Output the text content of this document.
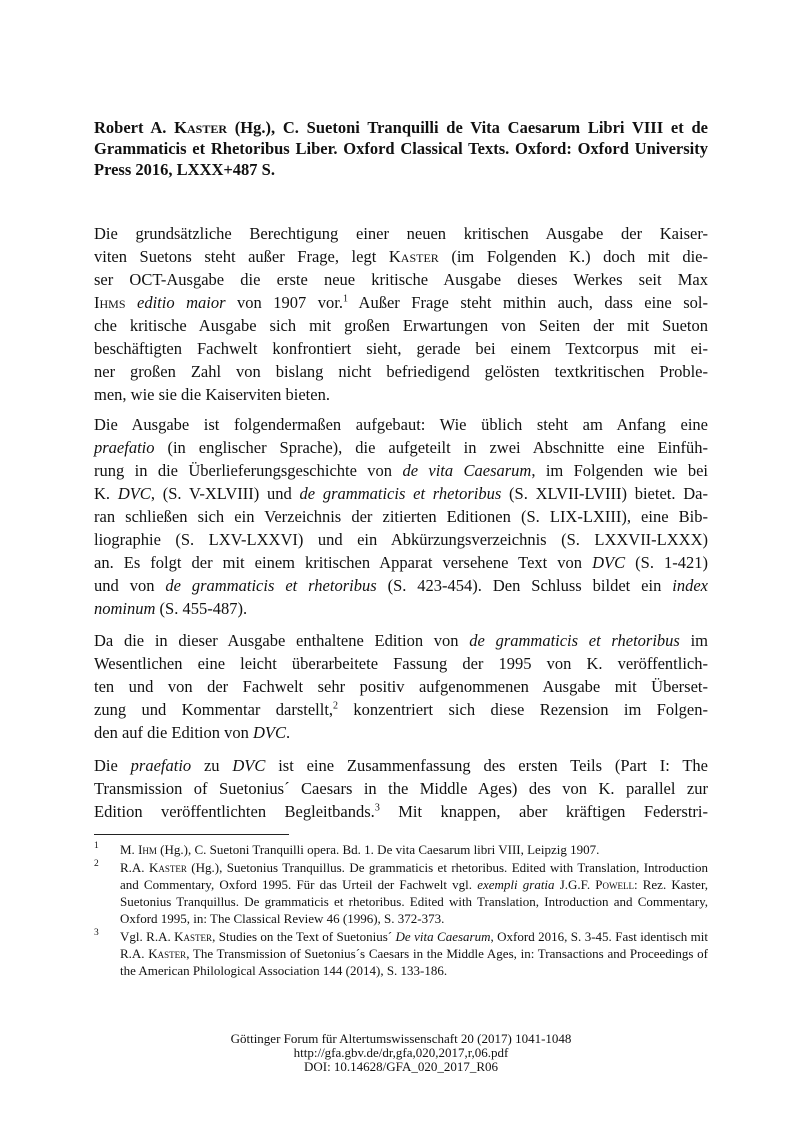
Robert A. Kaster (Hg.), C. Suetoni Tranquilli de Vita Caesarum Libri VIII et de Grammaticis et Rhetoribus Liber. Oxford Classical Texts. Oxford: Oxford University Press 2016, LXXX+487 S.
Die grundsätzliche Berechtigung einer neuen kritischen Ausgabe der Kaiser-
viten Suetons steht außer Frage, legt Kaster (im Folgenden K.) doch mit die-
ser OCT-Ausgabe die erste neue kritische Ausgabe dieses Werkes seit Max
Ihms editio maior von 1907 vor.$^1$ Außer Frage steht mithin auch, dass eine sol-
che kritische Ausgabe sich mit großen Erwartungen von Seiten der mit Sueton
beschäftigten Fachwelt konfrontiert sieht, gerade bei einem Textcorpus mit ei-
ner großen Zahl von bislang nicht befriedigend gelösten textkritischen Proble-
men, wie sie die Kaiserviten bieten.
Die Ausgabe ist folgendermaßen aufgebaut: Wie üblich steht am Anfang eine
praefatio (in englischer Sprache), die aufgeteilt in zwei Abschnitte eine Einfüh-
rung in die Überlieferungsgeschichte von de vita Caesarum, im Folgenden wie bei
K. DVC, (S. V-XLVIII) und de grammaticis et rhetoribus (S. XLVII-LVIII) bietet. Da-
ran schließen sich ein Verzeichnis der zitierten Editionen (S. LIX-LXIII), eine Bib-
liographie (S. LXV-LXXVI) und ein Abkürzungsverzeichnis (S. LXXVII-LXXX)
an. Es folgt der mit einem kritischen Apparat versehene Text von DVC (S. 1-421)
und von de grammaticis et rhetoribus (S. 423-454). Den Schluss bildet ein index
nominum (S. 455-487).
Da die in dieser Ausgabe enthaltene Edition von de grammaticis et rhetoribus im
Wesentlichen eine leicht überarbeitete Fassung der 1995 von K. veröffentlich-
ten und von der Fachwelt sehr positiv aufgenommenen Ausgabe mit Überset-
zung und Kommentar darstellt,$^2$ konzentriert sich diese Rezension im Folgen-
den auf die Edition von DVC.
Die praefatio zu DVC ist eine Zusammenfassung des ersten Teils (Part I: The
Transmission of Suetonius´ Caesars in the Middle Ages) des von K. parallel zur
Edition veröffentlichten Begleitbands.$^3$ Mit knappen, aber kräftigen Federstri-
1 M. Ihm (Hg.), C. Suetoni Tranquilli opera. Bd. 1. De vita Caesarum libri VIII, Leipzig 1907.
2 R.A. Kaster (Hg.), Suetonius Tranquillus. De grammaticis et rhetoribus. Edited with Translation, Introduction and Commentary, Oxford 1995. Für das Urteil der Fachwelt vgl. exempli gratia J.G.F. Powell: Rez. Kaster, Suetonius Tranquillus. De grammaticis et rhetoribus. Edited with Translation, Introduction and Commentary, Oxford 1995, in: The Classical Review 46 (1996), S. 372-373.
3 Vgl. R.A. Kaster, Studies on the Text of Suetonius´ De vita Caesarum, Oxford 2016, S. 3-45. Fast identisch mit R.A. Kaster, The Transmission of Suetonius´s Caesars in the Middle Ages, in: Transactions and Proceedings of the American Philological Association 144 (2014), S. 133-186.
Göttinger Forum für Altertumswissenschaft 20 (2017) 1041-1048
http://gfa.gbv.de/dr,gfa,020,2017,r,06.pdf
DOI: 10.14628/GFA_020_2017_R06
